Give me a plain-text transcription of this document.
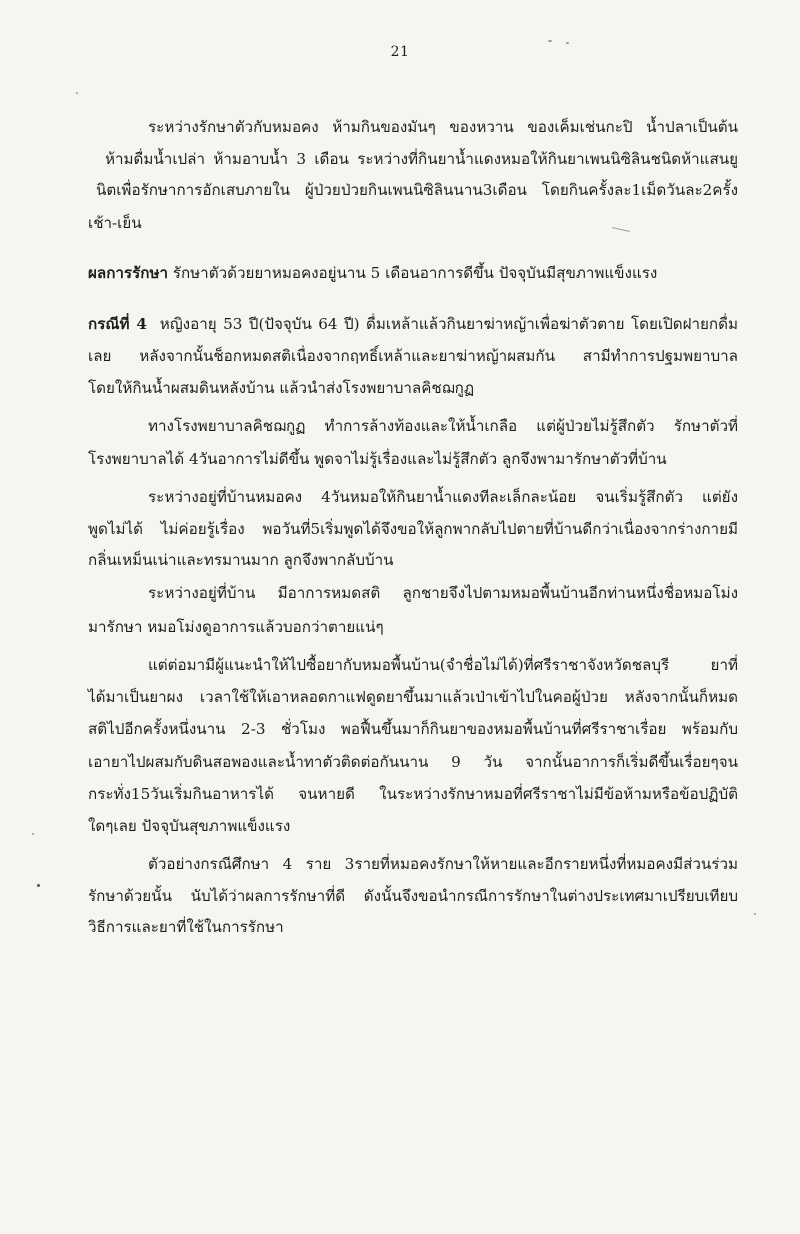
21
ระหว่างรักษาตัวกับหมอคง ห้ามกินของมันๆ ของหวาน ของเค็มเช่นกะปิ น้ำปลาเป็นต้น
ห้ามดื่มน้ำเปล่า ห้ามอาบน้ำ 3 เดือน ระหว่างที่กินยาน้ำแดงหมอให้กินยาเพนนิซิลินชนิดห้าแสนยู
นิตเพื่อรักษาการอักเสบภายใน ผู้ป่วยป่วยกินเพนนิซิลินนาน3เดือน โดยกินครั้งละ1เม็ดวันละ2ครั้ง
เช้า-เย็น
ผลการรักษา รักษาตัวด้วยยาหมอคงอยู่นาน 5 เดือนอาการดีขึ้น ปัจจุบันมีสุขภาพแข็งแรง
กรณีที่ 4 หญิงอายุ 53 ปี(ปัจจุบัน 64 ปี) ดื่มเหล้าแล้วกินยาฆ่าหญ้าเพื่อฆ่าตัวตาย โดยเปิดฝายกดื่ม
เลย หลังจากนั้นช็อกหมดสติเนื่องจากฤทธิ์เหล้าและยาฆ่าหญ้าผสมกัน สามีทำการปฐมพยาบาล
โดยให้กินน้ำผสมดินหลังบ้าน แล้วนำส่งโรงพยาบาลคิชฌกูฏ
ทางโรงพยาบาลคิชฌกูฏ ทำการล้างท้องและให้น้ำเกลือ แต่ผู้ป่วยไม่รู้สึกตัว รักษาตัวที่
โรงพยาบาลได้ 4วันอาการไม่ดีขึ้น พูดจาไม่รู้เรื่องและไม่รู้สึกตัว ลูกจึงพามารักษาตัวที่บ้าน
ระหว่างอยู่ที่บ้านหมอคง 4วันหมอให้กินยาน้ำแดงทีละเล็กละน้อย จนเริ่มรู้สึกตัว แต่ยัง
พูดไม่ได้ ไม่ค่อยรู้เรื่อง พอวันที่5เริ่มพูดได้จึงขอให้ลูกพากลับไปตายที่บ้านดีกว่าเนื่องจากร่างกายมี
กลิ่นเหม็นเน่าและทรมานมาก ลูกจึงพากลับบ้าน
ระหว่างอยู่ที่บ้าน มีอาการหมดสติ ลูกชายจึงไปตามหมอพื้นบ้านอีกท่านหนึ่งชื่อหมอโม่ง
มารักษา หมอโม่งดูอาการแล้วบอกว่าตายแน่ๆ
แต่ต่อมามีผู้แนะนำให้ไปซื้อยากับหมอพื้นบ้าน(จำชื่อไม่ได้)ที่ศรีราชาจังหวัดชลบุรี ยาที่
ได้มาเป็นยาผง เวลาใช้ให้เอาหลอดกาแฟดูดยาขึ้นมาแล้วเป่าเข้าไปในคอผู้ป่วย หลังจากนั้นก็หมด
สติไปอีกครั้งหนึ่งนาน 2-3 ชั่วโมง พอฟื้นขึ้นมาก็กินยาของหมอพื้นบ้านที่ศรีราชาเรื่อย พร้อมกับ
เอายาไปผสมกับดินสอพองและน้ำทาตัวติดต่อกันนาน 9 วัน จากนั้นอาการก็เริ่มดีขึ้นเรื่อยๆจน
กระทั่ง15วันเริ่มกินอาหารได้ จนหายดี ในระหว่างรักษาหมอที่ศรีราชาไม่มีข้อห้ามหรือข้อปฏิบัติ
ใดๆเลย ปัจจุบันสุขภาพแข็งแรง
ตัวอย่างกรณีศึกษา 4 ราย 3รายที่หมอคงรักษาให้หายและอีกรายหนึ่งที่หมอคงมีส่วนร่วม
รักษาด้วยนั้น นับได้ว่าผลการรักษาที่ดี ดังนั้นจึงขอนำกรณีการรักษาในต่างประเทศมาเปรียบเทียบ
วิธีการและยาที่ใช้ในการรักษา
